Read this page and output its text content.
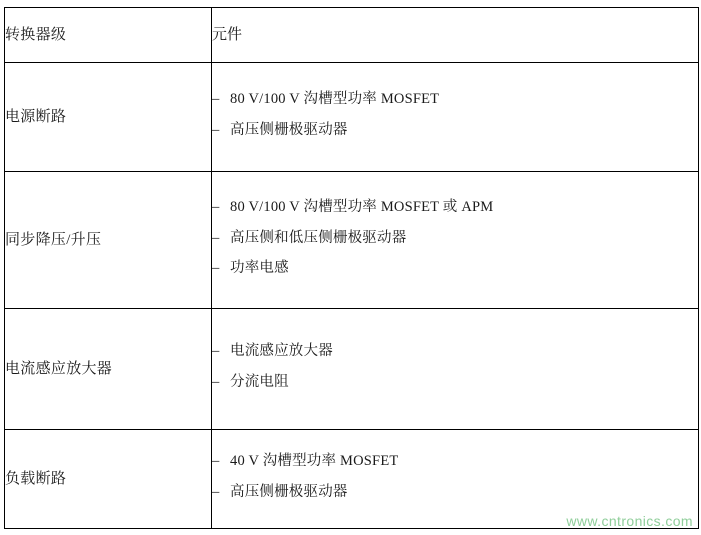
转换器级	元件
电源断路	
– 80 V/100 V 沟槽型功率 MOSFET
– 高压侧栅极驱动器

同步降压/升压	
– 80 V/100 V 沟槽型功率 MOSFET 或 APM
– 高压侧和低压侧栅极驱动器
– 功率电感

电流感应放大器	
– 电流感应放大器
– 分流电阻

负载断路	
– 40 V 沟槽型功率 MOSFET
– 高压侧栅极驱动器
www.cntronics.com
